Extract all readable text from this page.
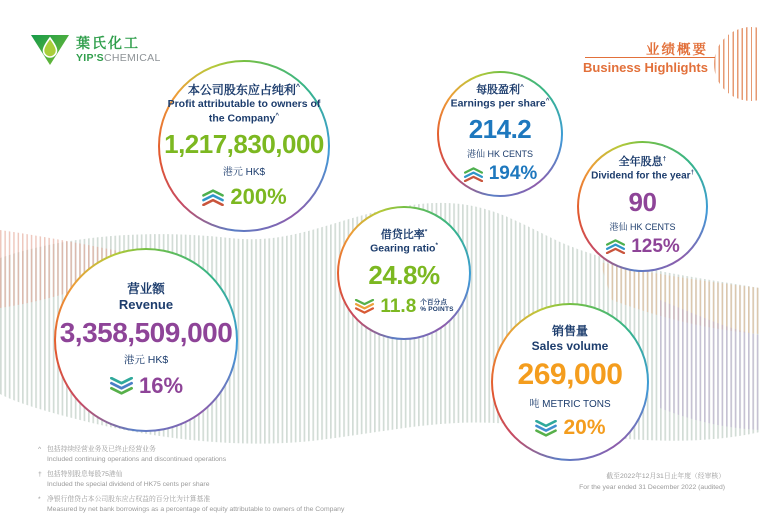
葉氏化工
YIP'SCHEMICAL
业绩概要
Business Highlights
本公司股东应占纯利^
Profit attributable to owners of the Company^
1,217,830,000
港元 HK$
200%
每股盈利^
Earnings per share^
214.2
港仙 HK CENTS
194%
全年股息†
Dividend for the year†
90
港仙 HK CENTS
125%
借贷比率*
Gearing ratio*
24.8%
11.8 个百分点
% POINTS
营业额
Revenue
3,358,509,000
港元 HK$
16%
销售量
Sales volume
269,000
吨 METRIC TONS
20%
^ 包括持续经营业务及已终止经营业务
Included continuing operations and discontinued operations
† 包括特别股息每股75港仙
Included the special dividend of HK75 cents per share
* 净银行借贷占本公司股东应占权益的百分比为计算基准
Measured by net bank borrowings as a percentage of equity attributable to owners of the Company
截至2022年12月31日止年度（经审核）
For the year ended 31 December 2022 (audited)
